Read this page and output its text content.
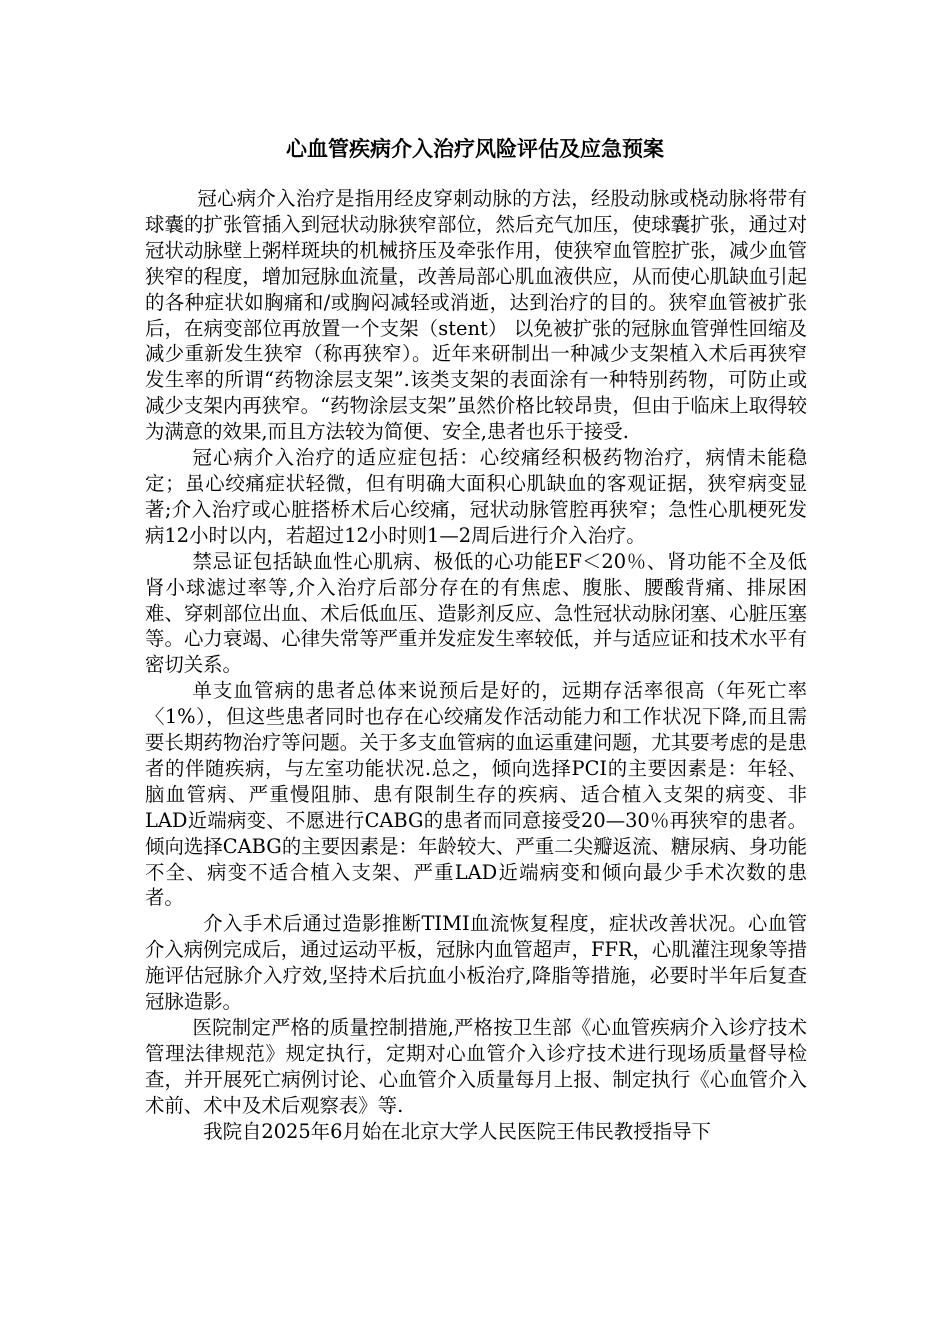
心血管疾病介入治疗风险评估及应急预案

冠心病介入治疗是指用经皮穿刺动脉的方法，经股动脉或桡动脉将带有球囊的扩张管插入到冠状动脉狭窄部位，然后充气加压，使球囊扩张，通过对冠状动脉壁上粥样斑块的机械挤压及牵张作用，使狭窄血管腔扩张，减少血管狭窄的程度，增加冠脉血流量，改善局部心肌血液供应，从而使心肌缺血引起的各种症状如胸痛和/或胸闷减轻或消逝，达到治疗的目的。狭窄血管被扩张后，在病变部位再放置一个支架（stent） 以免被扩张的冠脉血管弹性回缩及减少重新发生狭窄（称再狭窄）。近年来研制出一种减少支架植入术后再狭窄发生率的所谓“药物涂层支架”.该类支架的表面涂有一种特别药物，可防止或减少支架内再狭窄。“药物涂层支架”虽然价格比较昂贵，但由于临床上取得较为满意的效果,而且方法较为简便、安全,患者也乐于接受.

冠心病介入治疗的适应症包括：心绞痛经积极药物治疗，病情未能稳定；虽心绞痛症状轻微，但有明确大面积心肌缺血的客观证据，狭窄病变显著;介入治疗或心脏搭桥术后心绞痛，冠状动脉管腔再狭窄；急性心肌梗死发病12小时以内，若超过12小时则1—2周后进行介入治疗。

禁忌证包括缺血性心肌病、极低的心功能EF＜20％、肾功能不全及低肾小球滤过率等,介入治疗后部分存在的有焦虑、腹胀、腰酸背痛、排尿困难、穿刺部位出血、术后低血压、造影剂反应、急性冠状动脉闭塞、心脏压塞等。心力衰竭、心律失常等严重并发症发生率较低，并与适应证和技术水平有密切关系。

单支血管病的患者总体来说预后是好的，远期存活率很高（年死亡率〈1%），但这些患者同时也存在心绞痛发作活动能力和工作状况下降,而且需要长期药物治疗等问题。关于多支血管病的血运重建问题，尤其要考虑的是患者的伴随疾病，与左室功能状况.总之，倾向选择PCI的主要因素是：年轻、脑血管病、严重慢阻肺、患有限制生存的疾病、适合植入支架的病变、非LAD近端病变、不愿进行CABG的患者而同意接受20—30％再狭窄的患者。倾向选择CABG的主要因素是：年龄较大、严重二尖瓣返流、糖尿病、身功能不全、病变不适合植入支架、严重LAD近端病变和倾向最少手术次数的患者。

介入手术后通过造影推断TIMI血流恢复程度，症状改善状况。心血管介入病例完成后，通过运动平板，冠脉内血管超声，FFR，心肌灌注现象等措施评估冠脉介入疗效,坚持术后抗血小板治疗,降脂等措施，必要时半年后复查冠脉造影。

医院制定严格的质量控制措施,严格按卫生部《心血管疾病介入诊疗技术管理法律规范》规定执行，定期对心血管介入诊疗技术进行现场质量督导检查，并开展死亡病例讨论、心血管介入质量每月上报、制定执行《心血管介入术前、术中及术后观察表》等.

我院自2025年6月始在北京大学人民医院王伟民教授指导下
